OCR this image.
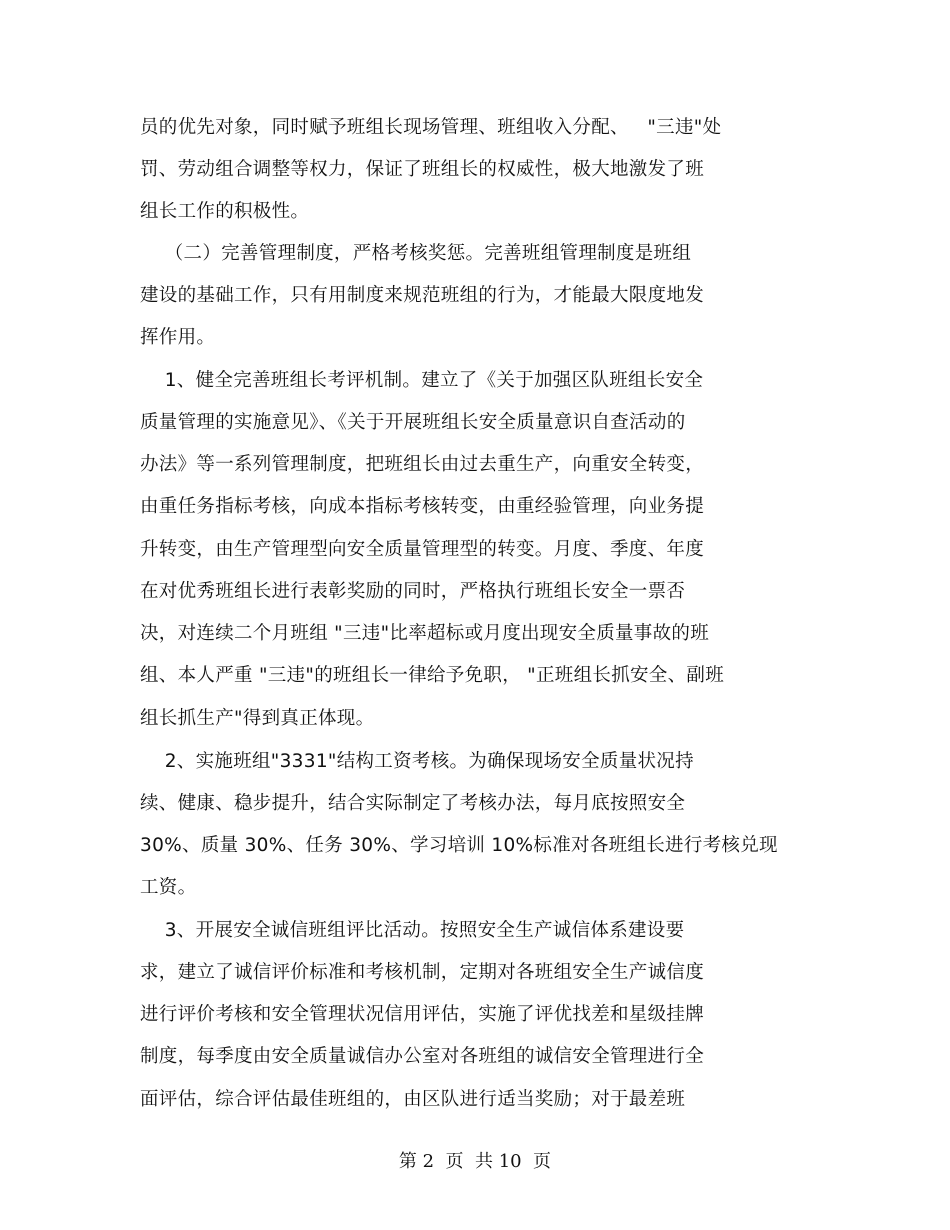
员的优先对象，同时赋予班组长现场管理、班组收入分配、   "三违"处
罚、劳动组合调整等权力，保证了班组长的权威性，极大地激发了班
组长工作的积极性。
（二）完善管理制度，严格考核奖惩。完善班组管理制度是班组
建设的基础工作，只有用制度来规范班组的行为，才能最大限度地发
挥作用。
1、健全完善班组长考评机制。建立了《关于加强区队班组长安全
质量管理的实施意见》、《关于开展班组长安全质量意识自查活动的
办法》等一系列管理制度，把班组长由过去重生产，向重安全转变，
由重任务指标考核，向成本指标考核转变，由重经验管理，向业务提
升转变，由生产管理型向安全质量管理型的转变。月度、季度、年度
在对优秀班组长进行表彰奖励的同时，严格执行班组长安全一票否
决，对连续二个月班组 "三违"比率超标或月度出现安全质量事故的班
组、本人严重 "三违"的班组长一律给予免职， "正班组长抓安全、副班
组长抓生产"得到真正体现。
2、实施班组"3331"结构工资考核。为确保现场安全质量状况持
续、健康、稳步提升，结合实际制定了考核办法，每月底按照安全
30%、质量 30%、任务 30%、学习培训 10%标准对各班组长进行考核兑现
工资。
3、开展安全诚信班组评比活动。按照安全生产诚信体系建设要
求，建立了诚信评价标准和考核机制，定期对各班组安全生产诚信度
进行评价考核和安全管理状况信用评估，实施了评优找差和星级挂牌
制度，每季度由安全质量诚信办公室对各班组的诚信安全管理进行全
面评估，综合评估最佳班组的，由区队进行适当奖励；对于最差班
第 2  页  共 10  页
